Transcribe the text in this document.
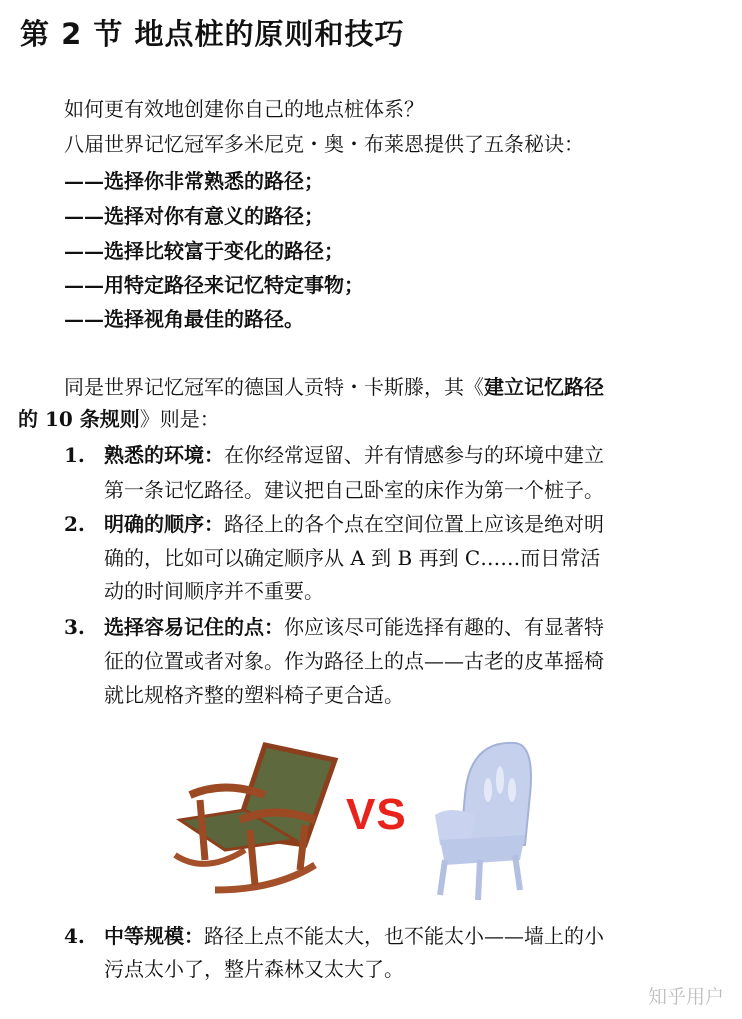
第 2 节 地点桩的原则和技巧
如何更有效地创建你自己的地点桩体系？
八届世界记忆冠军多米尼克・奥・布莱恩提供了五条秘诀：
——选择你非常熟悉的路径；
——选择对你有意义的路径；
——选择比较富于变化的路径；
——用特定路径来记忆特定事物；
——选择视角最佳的路径。
同是世界记忆冠军的德国人贡特・卡斯滕，其《建立记忆路径
的 10 条规则》则是：
1. 熟悉的环境：在你经常逗留、并有情感参与的环境中建立
第一条记忆路径。建议把自己卧室的床作为第一个桩子。
2. 明确的顺序：路径上的各个点在空间位置上应该是绝对明
确的，比如可以确定顺序从 A 到 B 再到 C……而日常活
动的时间顺序并不重要。
3. 选择容易记住的点：你应该尽可能选择有趣的、有显著特
征的位置或者对象。作为路径上的点——古老的皮革摇椅
就比规格齐整的塑料椅子更合适。
VS
4. 中等规模：路径上点不能太大，也不能太小——墙上的小
污点太小了，整片森林又太大了。
知乎用户
